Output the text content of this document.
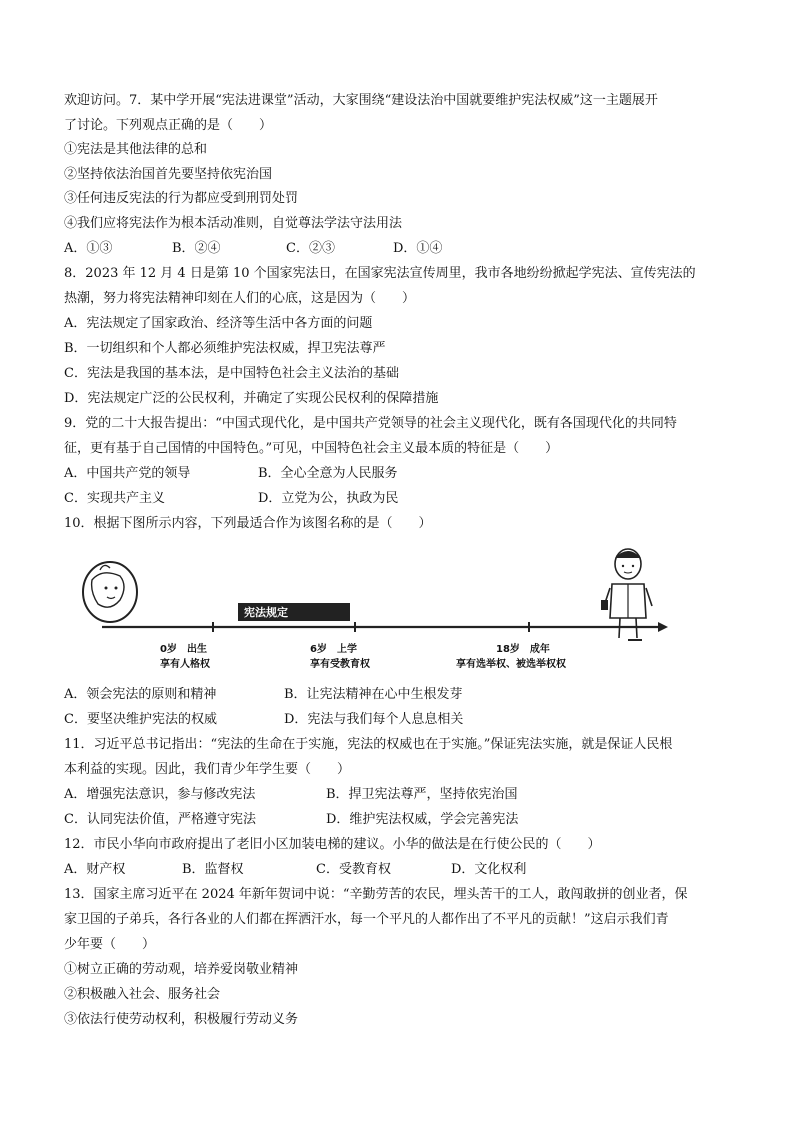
欢迎访问。7．某中学开展“宪法进课堂”活动，大家围绕“建设法治中国就要维护宪法权威”这一主题展开
了讨论。下列观点正确的是（　　）
①宪法是其他法律的总和
②坚持依法治国首先要坚持依宪治国
③任何违反宪法的行为都应受到刑罚处罚
④我们应将宪法作为根本活动准则，自觉尊法学法守法用法
A．①③	B．②④	C．②③	D．①④
8．2023 年 12 月 4 日是第 10 个国家宪法日，在国家宪法宣传周里，我市各地纷纷掀起学宪法、宣传宪法的
热潮，努力将宪法精神印刻在人们的心底，这是因为（　　）
A．宪法规定了国家政治、经济等生活中各方面的问题
B．一切组织和个人都必须维护宪法权威，捍卫宪法尊严
C．宪法是我国的基本法，是中国特色社会主义法治的基础
D．宪法规定广泛的公民权利，并确定了实现公民权利的保障措施
9．党的二十大报告提出：“中国式现代化，是中国共产党领导的社会主义现代化，既有各国现代化的共同特
征，更有基于自己国情的中国特色。”可见，中国特色社会主义最本质的特征是（　　）
A．中国共产党的领导	B．全心全意为人民服务
C．实现共产主义	D．立党为公，执政为民
10．根据下图所示内容，下列最适合作为该图名称的是（　　）
宪法规定
0岁　出生
享有人格权
6岁　上学
享有受教育权
18岁　成年
享有选举权、被选举权权
A．领会宪法的原则和精神	B．让宪法精神在心中生根发芽
C．要坚决维护宪法的权威	D．宪法与我们每个人息息相关
11．习近平总书记指出：“宪法的生命在于实施，宪法的权威也在于实施。”保证宪法实施，就是保证人民根
本利益的实现。因此，我们青少年学生要（　　）
A．增强宪法意识，参与修改宪法	B．捍卫宪法尊严，坚持依宪治国
C．认同宪法价值，严格遵守宪法	D．维护宪法权威，学会完善宪法
12．市民小华向市政府提出了老旧小区加装电梯的建议。小华的做法是在行使公民的（　　）
A．财产权	B．监督权	C．受教育权	D．文化权利
13．国家主席习近平在 2024 年新年贺词中说：“辛勤劳苦的农民，埋头苦干的工人，敢闯敢拼的创业者，保
家卫国的子弟兵，各行各业的人们都在挥洒汗水，每一个平凡的人都作出了不平凡的贡献！”这启示我们青
少年要（　　）
①树立正确的劳动观，培养爱岗敬业精神
②积极融入社会、服务社会
③依法行使劳动权利，积极履行劳动义务
